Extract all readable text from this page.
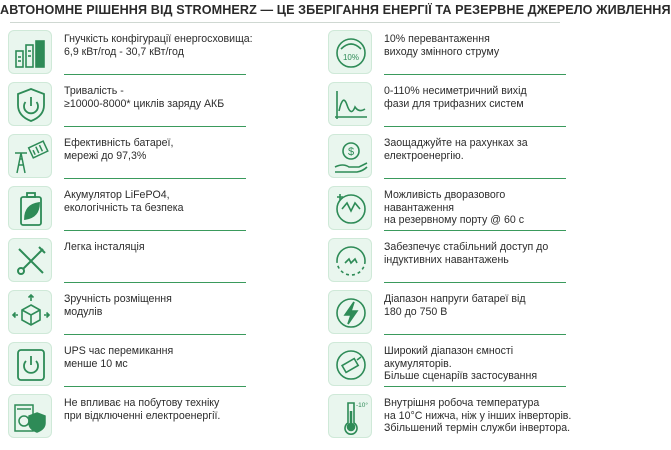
АВТОНОМНЕ РІШЕННЯ ВІД STROMHERZ — ЦЕ ЗБЕРІГАННЯ ЕНЕРГІЇ ТА РЕЗЕРВНЕ ДЖЕРЕЛО ЖИВЛЕННЯ
Гнучкість конфігурації енергосховища:
6,9 кВт/год - 30,7 кВт/год
Тривалість -
≥10000-8000* циклів заряду АКБ
Ефективність батареї,
мережі до 97,3%
Акумулятор LiFePO4,
екологічність та безпека
Легка інсталяція
Зручність розміщення
модулів
UPS час перемикання
менше 10 мс
Не впливає на побутову техніку
при відключенні електроенергії.
10%
10% перевантаження
виходу змінного струму
0-110% несиметричний вихід
фази для трифазних систем
$
Заощаджуйте на рахунках за
електроенергію.
Можливість дворазового
навантаження
на резервному порту @ 60 с
Забезпечує стабільний доступ до
індуктивних навантажень
Діапазон напруги батареї від
180 до 750 В
Широкий діапазон ємності
акумуляторів.
Більше сценаріїв застосування
-10° Внутрішня робоча температура
на 10°C нижча, ніж у інших інверторів.
Збільшений термін служби інвертора.
